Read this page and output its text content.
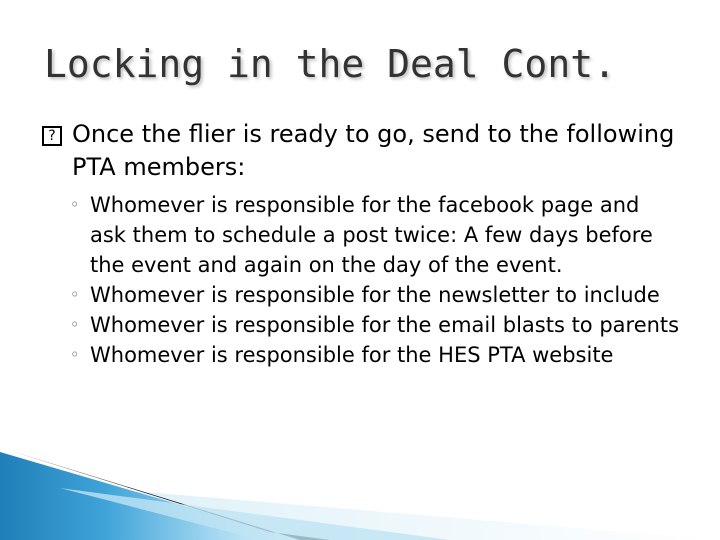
Locking in the Deal Cont.
? Once the flier is ready to go, send to the following PTA members:
◦ Whomever is responsible for the facebook page and ask them to schedule a post twice: A few days before the event and again on the day of the event.
◦ Whomever is responsible for the newsletter to include
◦ Whomever is responsible for the email blasts to parents
◦ Whomever is responsible for the HES PTA website
